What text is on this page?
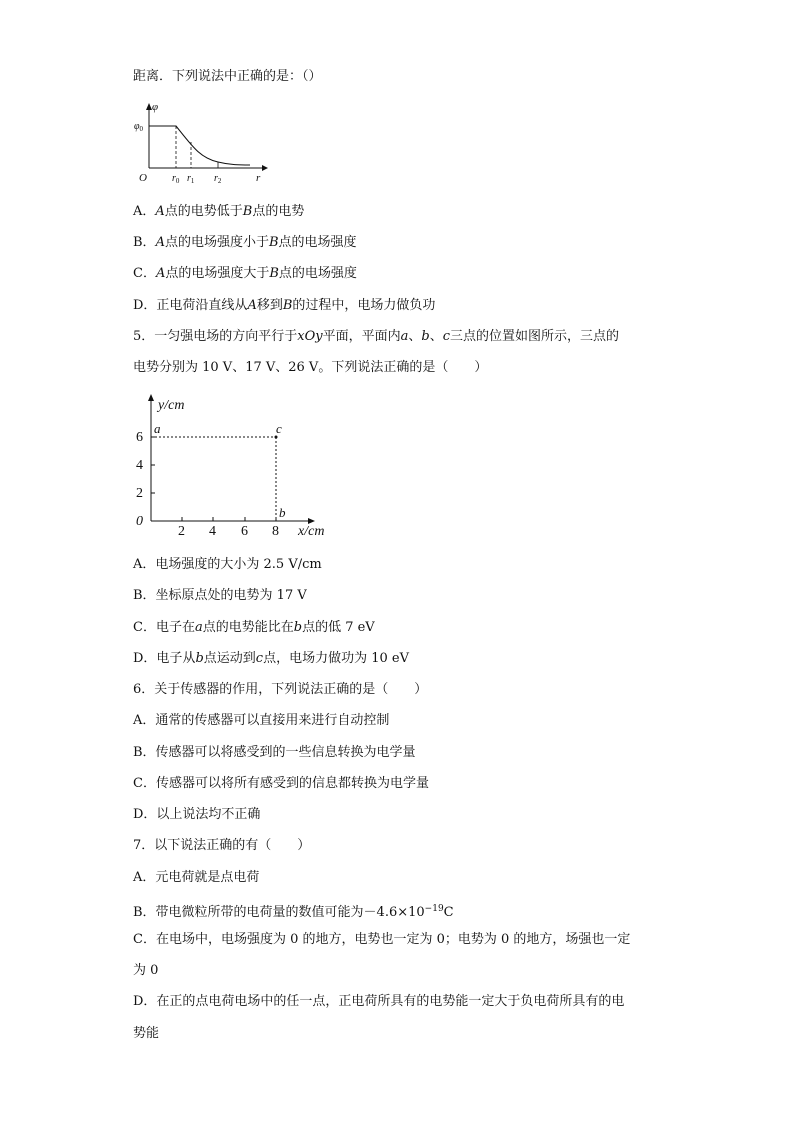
距离．下列说法中正确的是：（）
φ
$\varphi_0$
O	r
$r_0$ $r_1$ $r_2$
A．A点的电势低于B点的电势
B．A点的电场强度小于B点的电场强度
C．A点的电场强度大于B点的电场强度
D．正电荷沿直线从A移到B的过程中，电场力做负功
5．一匀强电场的方向平行于xOy平面，平面内a、b、c三点的位置如图所示，三点的
电势分别为 10 V、17 V、26 V。下列说法正确的是（　　）
y/cm
x/cm
0
2
4
6
2 4 6 8
a
b
c
A．电场强度的大小为 2.5 V/cm
B．坐标原点处的电势为 17 V
C．电子在a点的电势能比在b点的低 7 eV
D．电子从b点运动到c点，电场力做功为 10 eV
6．关于传感器的作用，下列说法正确的是（　　）
A．通常的传感器可以直接用来进行自动控制
B．传感器可以将感受到的一些信息转换为电学量
C．传感器可以将所有感受到的信息都转换为电学量
D．以上说法均不正确
7．以下说法正确的有（　　）
A．元电荷就是点电荷
B．带电微粒所带的电荷量的数值可能为$-4.6\times 10^{-19}C$
C．在电场中，电场强度为 0 的地方，电势也一定为 0；电势为 0 的地方，场强也一定
为 0
D．在正的点电荷电场中的任一点，正电荷所具有的电势能一定大于负电荷所具有的电
势能
